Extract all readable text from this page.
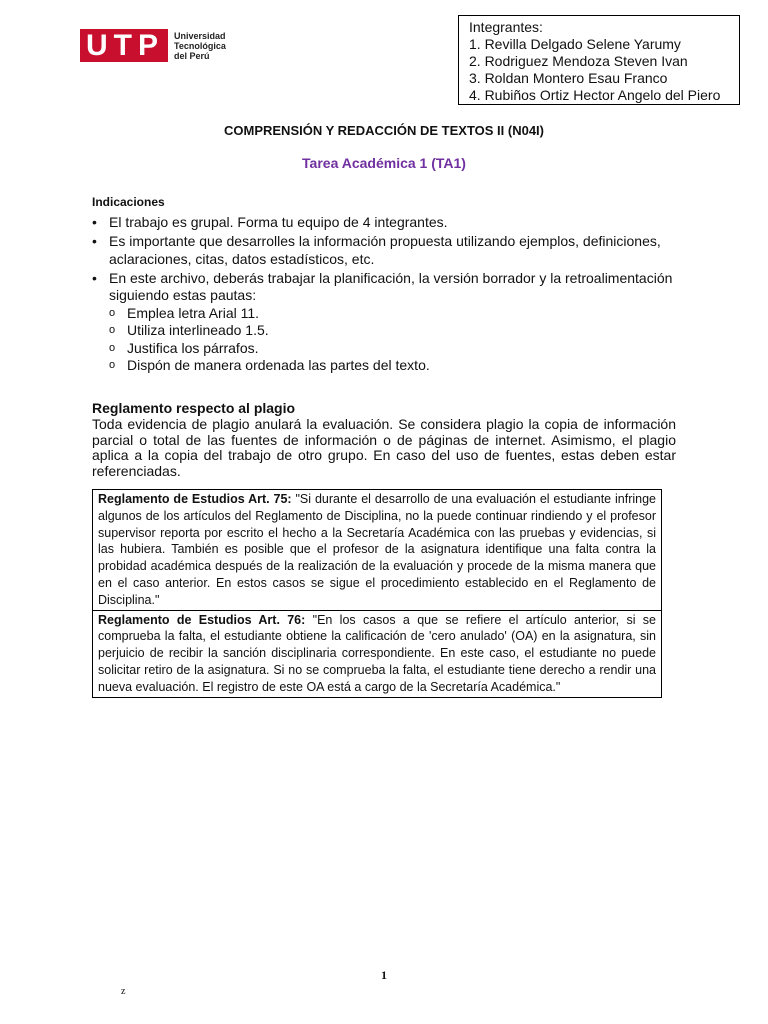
UTP	Universidad
Tecnológica
del Perú
Integrantes:
1. Revilla Delgado Selene Yarumy
2. Rodriguez Mendoza Steven Ivan
3. Roldan Montero Esau Franco
4. Rubiños Ortiz Hector Angelo del Piero
COMPRENSIÓN Y REDACCIÓN DE TEXTOS II (N04I)
Tarea Académica 1 (TA1)
Indicaciones
• El trabajo es grupal. Forma tu equipo de 4 integrantes.
• Es importante que desarrolles la información propuesta utilizando ejemplos, definiciones, aclaraciones, citas, datos estadísticos, etc.
• En este archivo, deberás trabajar la planificación, la versión borrador y la retroalimentación siguiendo estas pautas:
o Emplea letra Arial 11.
o Utiliza interlineado 1.5.
o Justifica los párrafos.
o Dispón de manera ordenada las partes del texto.
Reglamento respecto al plagio
Toda evidencia de plagio anulará la evaluación. Se considera plagio la copia de información parcial o total de las fuentes de información o de páginas de internet. Asimismo, el plagio aplica a la copia del trabajo de otro grupo. En caso del uso de fuentes, estas deben estar referenciadas.
Reglamento de Estudios Art. 75: "Si durante el desarrollo de una evaluación el estudiante infringe algunos de los artículos del Reglamento de Disciplina, no la puede continuar rindiendo y el profesor supervisor reporta por escrito el hecho a la Secretaría Académica con las pruebas y evidencias, si las hubiera. También es posible que el profesor de la asignatura identifique una falta contra la probidad académica después de la realización de la evaluación y procede de la misma manera que en el caso anterior. En estos casos se sigue el procedimiento establecido en el Reglamento de Disciplina."
Reglamento de Estudios Art. 76: "En los casos a que se refiere el artículo anterior, si se comprueba la falta, el estudiante obtiene la calificación de 'cero anulado' (OA) en la asignatura, sin perjuicio de recibir la sanción disciplinaria correspondiente. En este caso, el estudiante no puede solicitar retiro de la asignatura. Si no se comprueba la falta, el estudiante tiene derecho a rendir una nueva evaluación. El registro de este OA está a cargo de la Secretaría Académica."
1
z
